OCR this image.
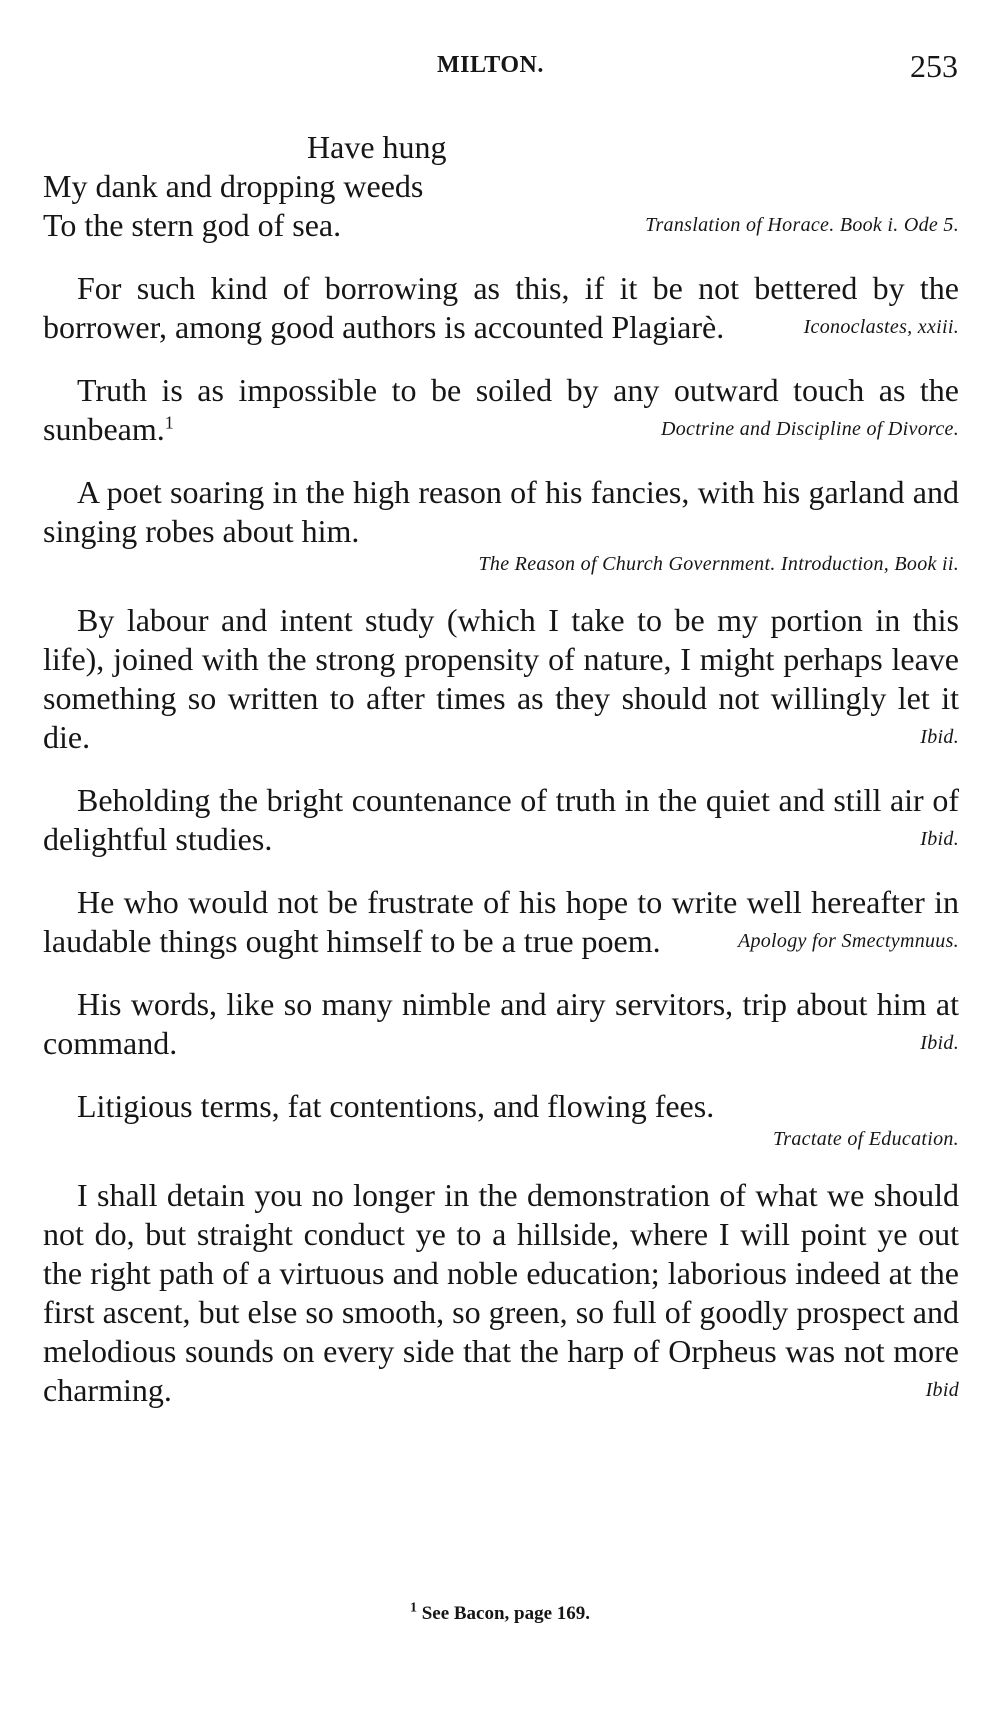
MILTON.	253
Have hung
My dank and dropping weeds
Translation of Horace. Book i. Ode 5.
To the stern god of sea.

For such kind of borrowing as this, if it be not bettered by the borrower, among good authors is accounted Plagiarè.	Iconoclastes, xxiii.

Truth is as impossible to be soiled by any outward touch as the sunbeam.$^1$	Doctrine and Discipline of Divorce.

A poet soaring in the high reason of his fancies, with his garland and singing robes about him.

The Reason of Church Government. Introduction, Book ii.

By labour and intent study (which I take to be my portion in this life), joined with the strong propensity of nature, I might perhaps leave something so written to after times as they should not willingly let it die.	Ibid.

Beholding the bright countenance of truth in the quiet and still air of delightful studies.	Ibid.

He who would not be frustrate of his hope to write well hereafter in laudable things ought himself to be a true poem.	Apology for Smectymnuus.

His words, like so many nimble and airy servitors, trip about him at command.	Ibid.

Litigious terms, fat contentions, and flowing fees.

Tractate of Education.

I shall detain you no longer in the demonstration of what we should not do, but straight conduct ye to a hillside, where I will point ye out the right path of a virtuous and noble education; laborious indeed at the first ascent, but else so smooth, so green, so full of goodly prospect and melodious sounds on every side that the harp of Orpheus was not more charming.	Ibid

$^1$ See Bacon, page 169.
